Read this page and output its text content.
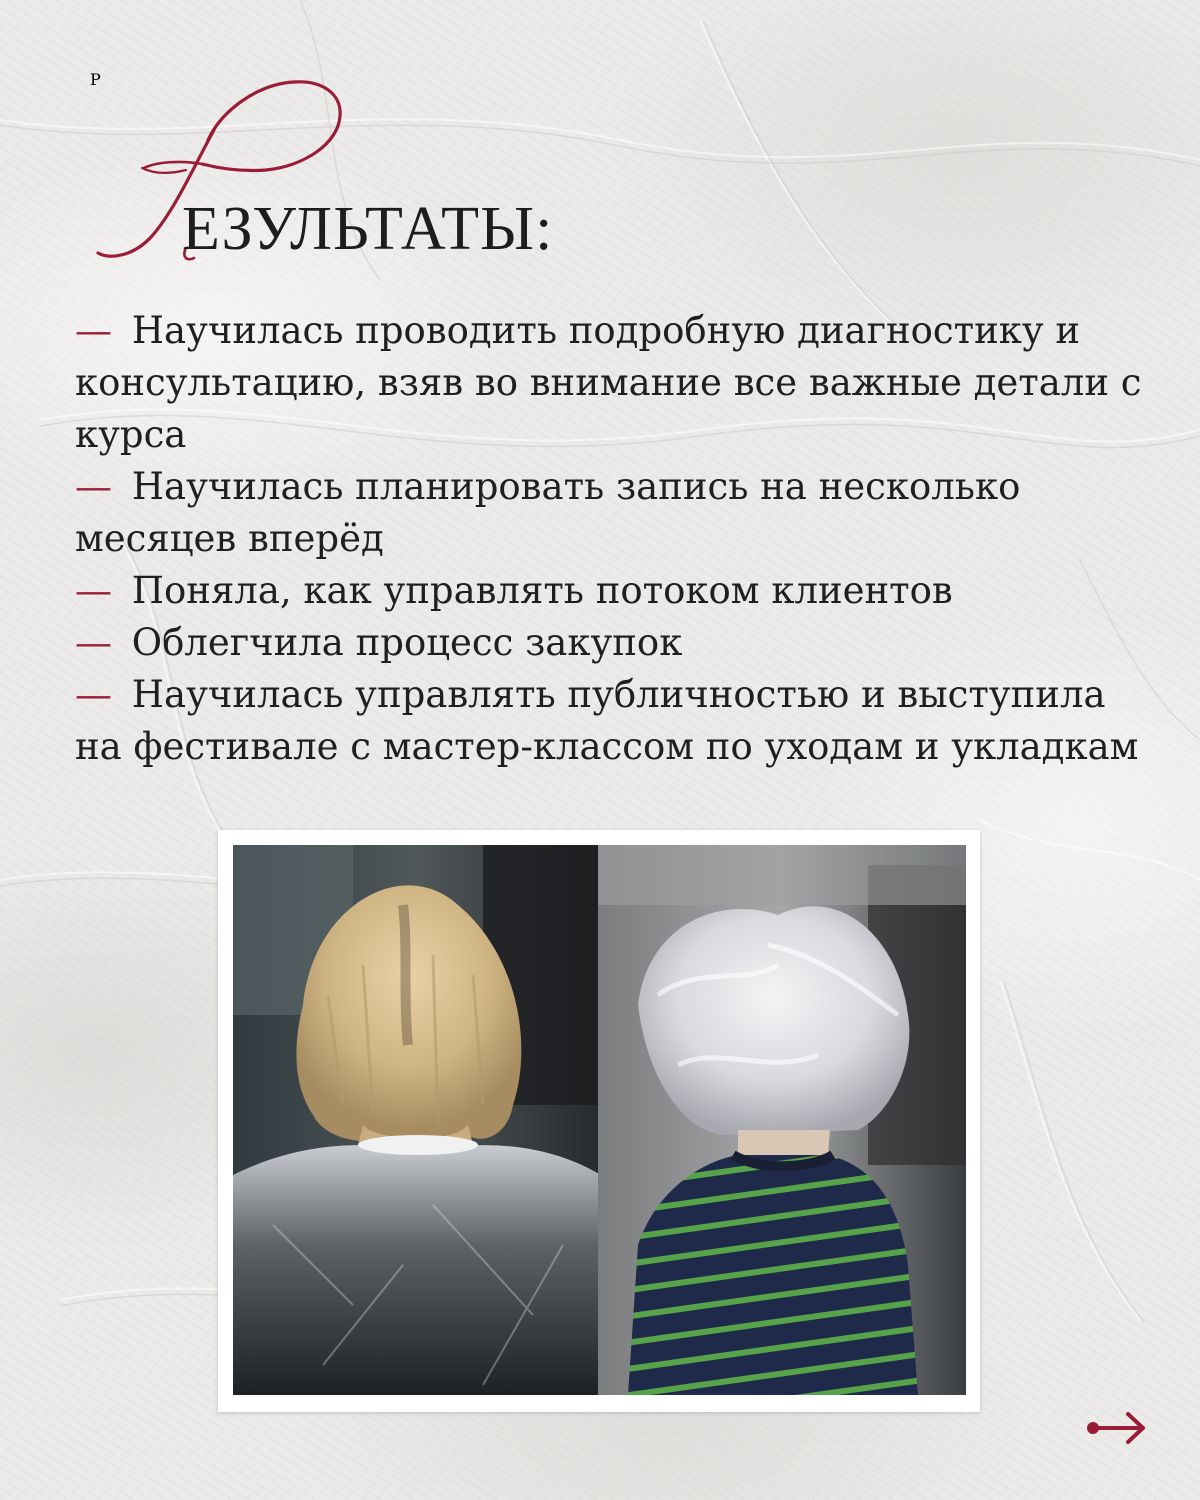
Р
ЕЗУЛЬТАТЫ:
— Научилась проводить подробную диагностику и консультацию, взяв во внимание все важные детали с курса
— Научилась планировать запись на несколько месяцев вперёд
— Поняла, как управлять потоком клиентов
— Облегчила процесс закупок
— Научилась управлять публичностью и выступила на фестивале с мастер-классом по уходам и укладкам
